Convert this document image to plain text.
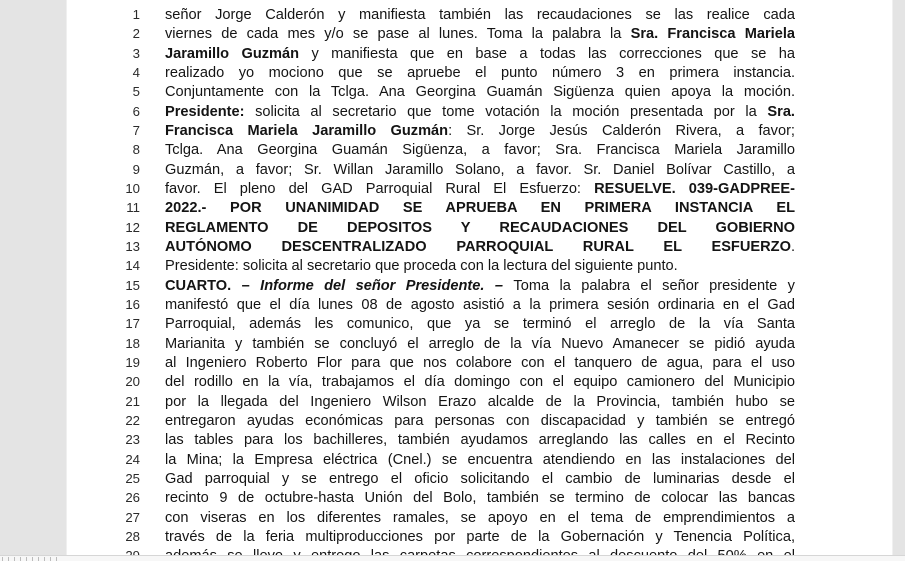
1 señor Jorge Calderón y manifiesta también las recaudaciones se las realice cada
2 viernes de cada mes y/o se pase al lunes. Toma la palabra la Sra. Francisca Mariela
3 Jaramillo Guzmán y manifiesta que en base a todas las correcciones que se ha
4 realizado yo mociono que se apruebe el punto número 3 en primera instancia.
5 Conjuntamente con la Tclga. Ana Georgina Guamán Sigüenza quien apoya la moción.
6 Presidente: solicita al secretario que tome votación la moción presentada por la Sra.
7 Francisca Mariela Jaramillo Guzmán: Sr. Jorge Jesús Calderón Rivera, a favor;
8 Tclga. Ana Georgina Guamán Sigüenza, a favor; Sra. Francisca Mariela Jaramillo
9 Guzmán, a favor; Sr. Willan Jaramillo Solano, a favor. Sr. Daniel Bolívar Castillo, a
10 favor. El pleno del GAD Parroquial Rural El Esfuerzo: RESUELVE. 039-GADPREE-
11 2022.- POR UNANIMIDAD SE APRUEBA EN PRIMERA INSTANCIA EL
12 REGLAMENTO DE DEPOSITOS Y RECAUDACIONES DEL GOBIERNO
13 AUTÓNOMO DESCENTRALIZADO PARROQUIAL RURAL EL ESFUERZO.
14 Presidente: solicita al secretario que proceda con la lectura del siguiente punto.
15 CUARTO. – Informe del señor Presidente. – Toma la palabra el señor presidente y
16 manifestó que el día lunes 08 de agosto asistió a la primera sesión ordinaria en el Gad
17 Parroquial, además les comunico, que ya se terminó el arreglo de la vía Santa
18 Marianita y también se concluyó el arreglo de la vía Nuevo Amanecer se pidió ayuda
19 al Ingeniero Roberto Flor para que nos colabore con el tanquero de agua, para el uso
20 del rodillo en la vía, trabajamos el día domingo con el equipo camionero del Municipio
21 por la llegada del Ingeniero Wilson Erazo alcalde de la Provincia, también hubo se
22 entregaron ayudas económicas para personas con discapacidad y también se entregó
23 las tables para los bachilleres, también ayudamos arreglando las calles en el Recinto
24 la Mina; la Empresa eléctrica (Cnel.) se encuentra atendiendo en las instalaciones del
25 Gad parroquial y se entrego el oficio solicitando el cambio de luminarias desde el
26 recinto 9 de octubre-hasta Unión del Bolo, también se termino de colocar las bancas
27 con viseras en los diferentes ramales, se apoyo en el tema de emprendimientos a
28 través de la feria multiproducciones por parte de la Gobernación y Tenencia Política,
